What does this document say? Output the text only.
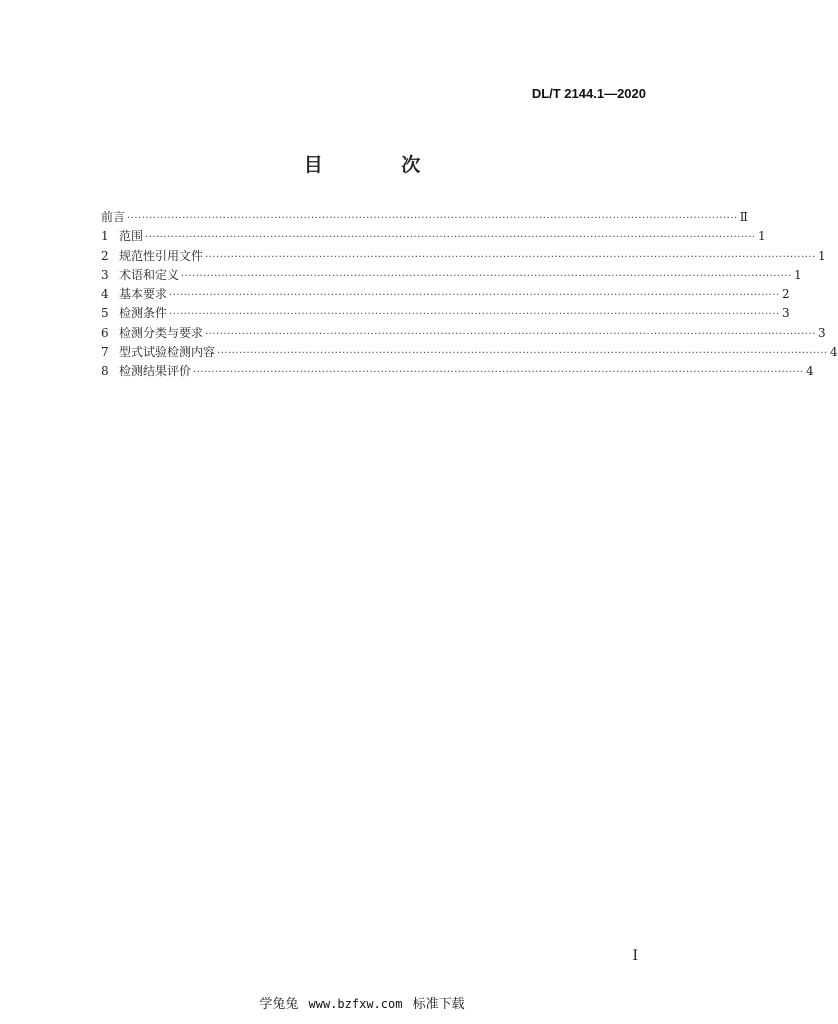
DL/T 2144.1—2020
目 次
前言 ······································································································································································ Ⅱ
1 范围 ······································································································································································ 1
2 规范性引用文件 ······································································································································································ 1
3 术语和定义 ······································································································································································ 1
4 基本要求 ······································································································································································ 2
5 检测条件 ······································································································································································ 3
6 检测分类与要求 ······································································································································································ 3
7 型式试验检测内容 ······································································································································································ 4
8 检测结果评价 ······································································································································································ 4
I
学兔兔 www.bzfxw.com 标准下载
